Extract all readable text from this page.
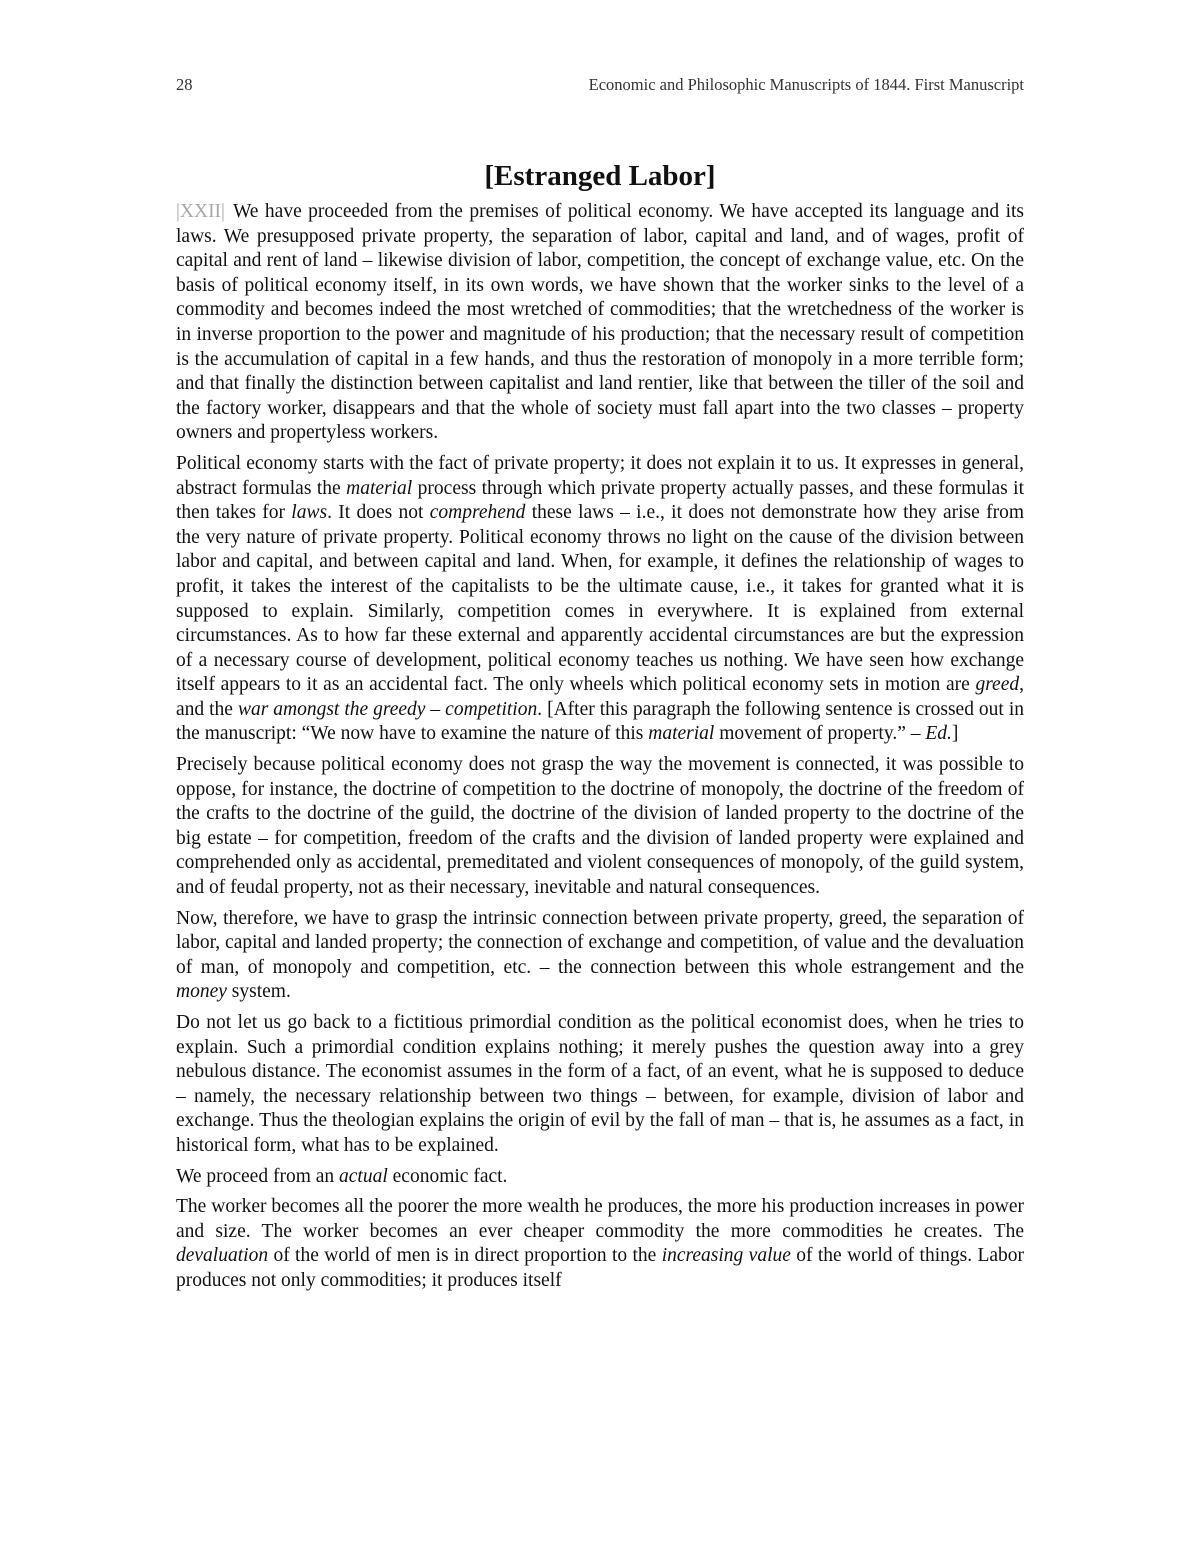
28	Economic and Philosophic Manuscripts of 1844. First Manuscript
[Estranged Labor]

|XXII| We have proceeded from the premises of political economy. We have accepted its language and its laws. We presupposed private property, the separation of labor, capital and land, and of wages, profit of capital and rent of land – likewise division of labor, competition, the concept of exchange value, etc. On the basis of political economy itself, in its own words, we have shown that the worker sinks to the level of a commodity and becomes indeed the most wretched of commodities; that the wretchedness of the worker is in inverse proportion to the power and magnitude of his production; that the necessary result of competition is the accumulation of capital in a few hands, and thus the restoration of monopoly in a more terrible form; and that finally the distinction between capitalist and land rentier, like that between the tiller of the soil and the factory worker, disappears and that the whole of society must fall apart into the two classes – property owners and propertyless workers.

Political economy starts with the fact of private property; it does not explain it to us. It expresses in general, abstract formulas the material process through which private property actually passes, and these formulas it then takes for laws. It does not comprehend these laws – i.e., it does not demonstrate how they arise from the very nature of private property. Political economy throws no light on the cause of the division between labor and capital, and between capital and land. When, for example, it defines the relationship of wages to profit, it takes the interest of the capitalists to be the ultimate cause, i.e., it takes for granted what it is supposed to explain. Similarly, competition comes in everywhere. It is explained from external circumstances. As to how far these external and apparently accidental circumstances are but the expression of a necessary course of development, political economy teaches us nothing. We have seen how exchange itself appears to it as an accidental fact. The only wheels which political economy sets in motion are greed, and the war amongst the greedy – competition. [After this paragraph the following sentence is crossed out in the manuscript: “We now have to examine the nature of this material movement of property.” – Ed.]

Precisely because political economy does not grasp the way the movement is connected, it was possible to oppose, for instance, the doctrine of competition to the doctrine of monopoly, the doctrine of the freedom of the crafts to the doctrine of the guild, the doctrine of the division of landed property to the doctrine of the big estate – for competition, freedom of the crafts and the division of landed property were explained and comprehended only as accidental, premeditated and violent consequences of monopoly, of the guild system, and of feudal property, not as their necessary, inevitable and natural consequences.

Now, therefore, we have to grasp the intrinsic connection between private property, greed, the separation of labor, capital and landed property; the connection of exchange and competition, of value and the devaluation of man, of monopoly and competition, etc. – the connection between this whole estrangement and the money system.

Do not let us go back to a fictitious primordial condition as the political economist does, when he tries to explain. Such a primordial condition explains nothing; it merely pushes the question away into a grey nebulous distance. The economist assumes in the form of a fact, of an event, what he is supposed to deduce – namely, the necessary relationship between two things – between, for example, division of labor and exchange. Thus the theologian explains the origin of evil by the fall of man – that is, he assumes as a fact, in historical form, what has to be explained.

We proceed from an actual economic fact.

The worker becomes all the poorer the more wealth he produces, the more his production increases in power and size. The worker becomes an ever cheaper commodity the more commodities he creates. The devaluation of the world of men is in direct proportion to the increasing value of the world of things. Labor produces not only commodities; it produces itself
